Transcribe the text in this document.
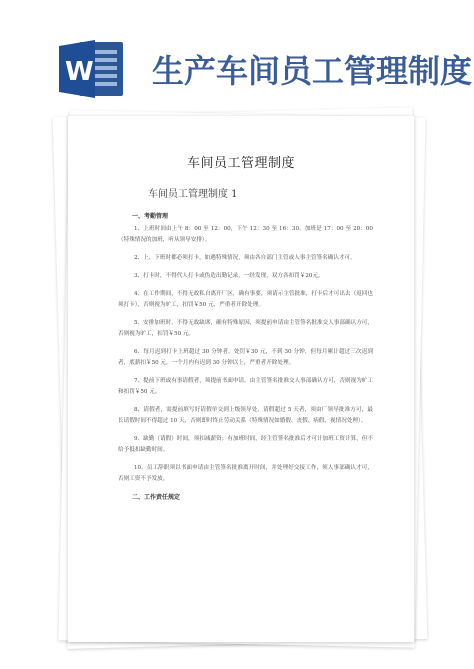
W 生产车间员工管理制度
车间员工管理制度
车间员工管理制度 1
一、考勤管理

1、上班时间由上午 8：00 至 12：00，下午 12：30 至 16：30。加班是 17：00 至 20：00（特殊情况的加班，听从领导安排）。

2、上、下班时都必须打卡，如遇特殊情况，须由各自部门主管或人事主管签名确认才可。

3、打卡时，不得代人打卡或伪造出勤记录，一经发现，双方各扣罚￥20元。

4、在工作期间，不得无故私自离开厂区，确有事要，须请示主管批准，打卡后才可出去（返回也须打卡），否则视为旷工，扣罚￥50 元，严重者开除处理。

5、安排加班时，不得无故缺席，确有特殊原因，须提前申请由主管签名批准交人事部确认方可，否则视为旷工，扣罚￥50 元。

6、每月迟到打卡上班超过 30 分钟者，处罚￥30 元，不到 30 分钟，但每月累计超过三次迟到者，底薪扣￥50 元，一个月内有迟到 30 分钟以上，严重者开除处理。

7、提前下班或有事请假者，须提前书面申请，由主管签名批准交人事部确认方可，否则视为旷工和扣罚￥50 元。

8、请假者，需提前填写好请假单交到上级领导处，请假超过 5 天者，须由厂领导批准方可，最长请假时间不得超过 10 天，否则即时终止劳动关系（特殊情况如婚假、丧假、病假、视情况处理）。

9、缺勤（请假）时间，须扣减薪资；有加班时间，经主管签名批准后才可计加班工资计算，但不给予抵扣缺勤时间。

10、员工辞职须以书面申请由主管签名批准离开时间，并处理好交接工作，须人事部确认才可，否则工资不予发放。

二、工作责任规定
